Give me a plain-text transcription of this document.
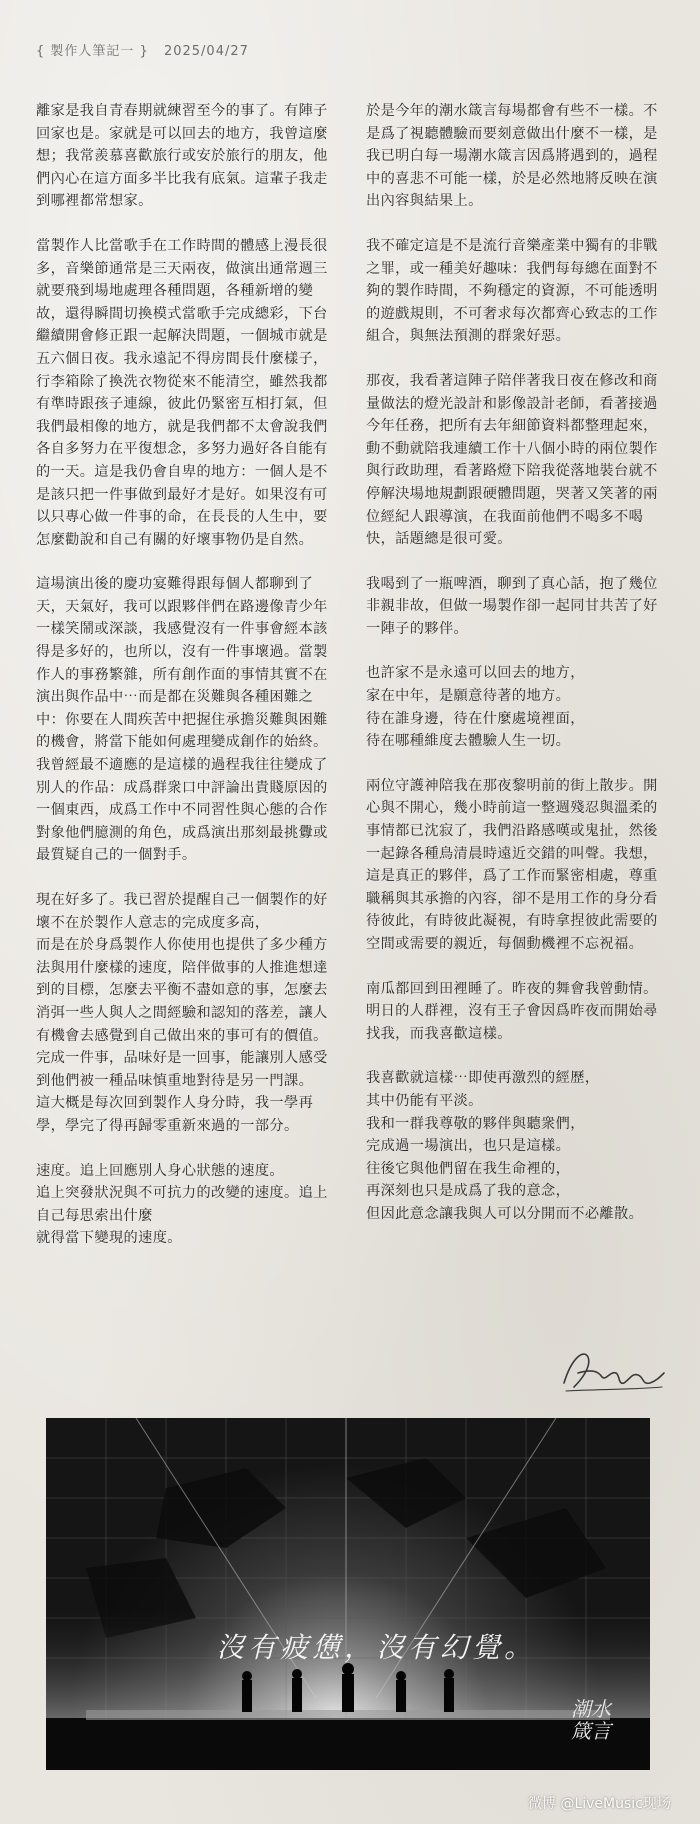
{ 製作人筆記一 } 2025/04/27

離家是我自青春期就練習至今的事了。有陣子回家也是。家就是可以回去的地方，我曾這麼想；我常羨慕喜歡旅行或安於旅行的朋友，他們內心在這方面多半比我有底氣。這輩子我走到哪裡都常想家。

當製作人比當歌手在工作時間的體感上漫長很多，音樂節通常是三天兩夜，做演出通常週三就要飛到場地處理各種問題，各種新增的變故，還得瞬間切換模式當歌手完成總彩，下台繼續開會修正跟一起解決問題，一個城市就是五六個日夜。我永遠記不得房間長什麼樣子，行李箱除了換洗衣物從來不能清空，雖然我都有準時跟孩子連線，彼此仍緊密互相打氣，但我們最相像的地方，就是我們都不太會說我們各自多努力在平復想念，多努力過好各自能有的一天。這是我仍會自卑的地方：一個人是不是該只把一件事做到最好才是好。如果沒有可以只專心做一件事的命，在長長的人生中，要怎麼勸說和自己有關的好壞事物仍是自然。

這場演出後的慶功宴難得跟每個人都聊到了天，天氣好，我可以跟夥伴們在路邊像青少年一樣笑鬧或深談，我感覺沒有一件事會經本該得是多好的，也所以，沒有一件事壞過。當製作人的事務繁雜，所有創作面的事情其實不在演出與作品中⋯而是都在災難與各種困難之中：你要在人間疾苦中把握住承擔災難與困難的機會，將當下能如何處理變成創作的始終。我曾經最不適應的是這樣的過程我往往變成了別人的作品：成爲群衆口中評論出貴賤原因的一個東西，成爲工作中不同習性與心態的合作對象他們臆測的角色，成爲演出那刻最挑釁或最質疑自己的一個對手。

現在好多了。我已習於提醒自己一個製作的好壞不在於製作人意志的完成度多高，

而是在於身爲製作人你使用也提供了多少種方法與用什麼樣的速度，陪伴做事的人推進想達到的目標，怎麼去平衡不盡如意的事，怎麼去消弭一些人與人之間經驗和認知的落差，讓人有機會去感覺到自己做出來的事可有的價值。完成一件事，品味好是一回事，能讓別人感受到他們被一種品味慎重地對待是另一門課。

這大概是每次回到製作人身分時，我一學再學，學完了得再歸零重新來過的一部分。

速度。追上回應別人身心狀態的速度。

追上突發狀況與不可抗力的改變的速度。追上自己每思索出什麼

就得當下變現的速度。

於是今年的潮水箴言每場都會有些不一樣。不是爲了視聽體驗而要刻意做出什麼不一樣，是我已明白每一場潮水箴言因爲將遇到的，過程中的喜悲不可能一樣，於是必然地將反映在演出內容與結果上。

我不確定這是不是流行音樂產業中獨有的非戰之罪，或一種美好趣味：我們每每總在面對不夠的製作時間，不夠穩定的資源，不可能透明的遊戲規則，不可奢求每次都齊心致志的工作組合，與無法預測的群衆好惡。

那夜，我看著這陣子陪伴著我日夜在修改和商量做法的燈光設計和影像設計老師，看著接過今年任務，把所有去年細節資料都整理起來，動不動就陪我連續工作十八個小時的兩位製作與行政助理，看著路燈下陪我從落地裝台就不停解決場地規劃跟硬體問題，哭著又笑著的兩位經紀人跟導演，在我面前他們不喝多不喝快，話題總是很可愛。

我喝到了一瓶啤酒，聊到了真心話，抱了幾位非親非故，但做一場製作卻一起同甘共苦了好一陣子的夥伴。

也許家不是永遠可以回去的地方，

家在中年，是願意待著的地方。

待在誰身邊，待在什麼處境裡面，

待在哪種維度去體驗人生一切。

兩位守護神陪我在那夜黎明前的街上散步。開心與不開心，幾小時前這一整週殘忍與溫柔的事情都已沈寂了，我們沿路感嘆或鬼扯，然後一起錄各種鳥清晨時遠近交錯的叫聲。我想，這是真正的夥伴，爲了工作而緊密相處，尊重職稱與其承擔的內容，卻不是用工作的身分看待彼此，有時彼此凝視，有時拿捏彼此需要的空間或需要的親近，每個動機裡不忘祝福。

南瓜都回到田裡睡了。昨夜的舞會我曾動情。明日的人群裡，沒有王子會因爲昨夜而開始尋找我，而我喜歡這樣。

我喜歡就這樣⋯即使再激烈的經歷，

其中仍能有平淡。

我和一群我尊敬的夥伴與聽衆們，

完成過一場演出，也只是這樣。

往後它與他們留在我生命裡的，

再深刻也只是成爲了我的意念，

但因此意念讓我與人可以分開而不必離散。

沒有疲憊，沒有幻覺。
潮水箴言
微博 @LiveMusic现场
